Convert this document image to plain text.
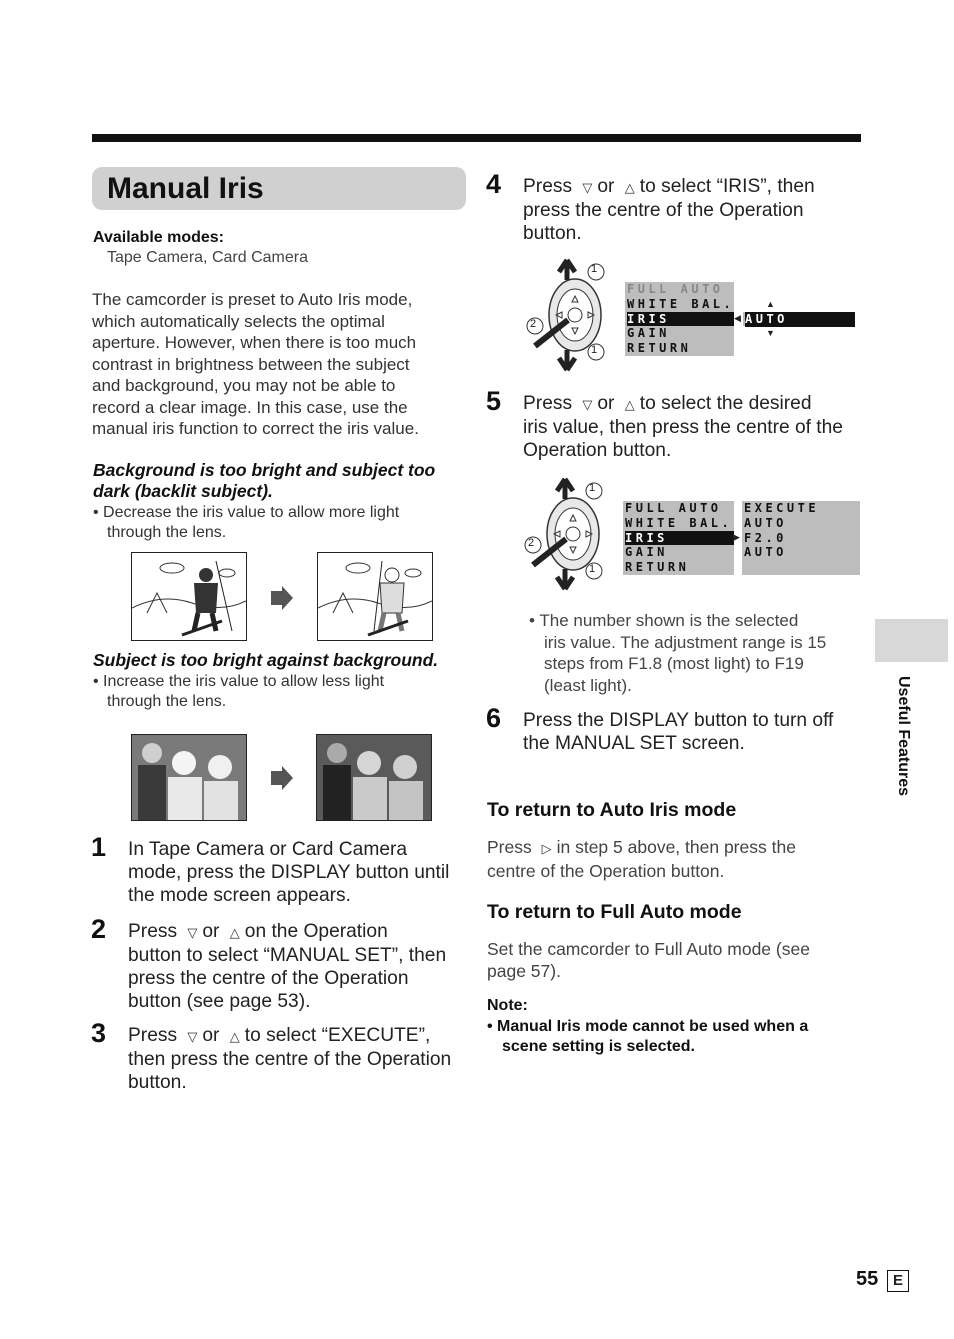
Manual Iris
Available modes:
Tape Camera, Card Camera
The camcorder is preset to Auto Iris mode,
which automatically selects the optimal
aperture. However, when there is too much
contrast in brightness between the subject
and background, you may not be able to
record a clear image. In this case, use the
manual iris function to correct the iris value.
Background is too bright and subject too
dark (backlit subject).
• Decrease the iris value to allow more light
through the lens.
Subject is too bright against background.
• Increase the iris value to allow less light
through the lens.
1 In Tape Camera or Card Camera
mode, press the DISPLAY button until
the mode screen appears.
2 Press ▽ or △ on the Operation
button to select “MANUAL SET”, then
press the centre of the Operation
button (see page 53).
3 Press ▽ or △ to select “EXECUTE”,
then press the centre of the Operation
button.
4 Press ▽ or △ to select “IRIS”, then
press the centre of the Operation
button.
1
1
2
FULL AUTO
WHITE BAL.
IRIS
GAIN
RETURN
▲
◀ AUTO
▼
5 Press ▽ or △ to select the desired
iris value, then press the centre of the
Operation button.
1
1
2
FULL AUTO
WHITE BAL.
IRIS
GAIN
RETURN
▶
EXECUTE
AUTO
F2.0
AUTO
• The number shown is the selected
iris value. The adjustment range is 15
steps from F1.8 (most light) to F19
(least light).
6 Press the DISPLAY button to turn off
the MANUAL SET screen.
To return to Auto Iris mode
Press ▷ in step 5 above, then press the
centre of the Operation button.
To return to Full Auto mode
Set the camcorder to Full Auto mode (see
page 57).
Note:
• Manual Iris mode cannot be used when a
scene setting is selected.
Useful Features
55 E
